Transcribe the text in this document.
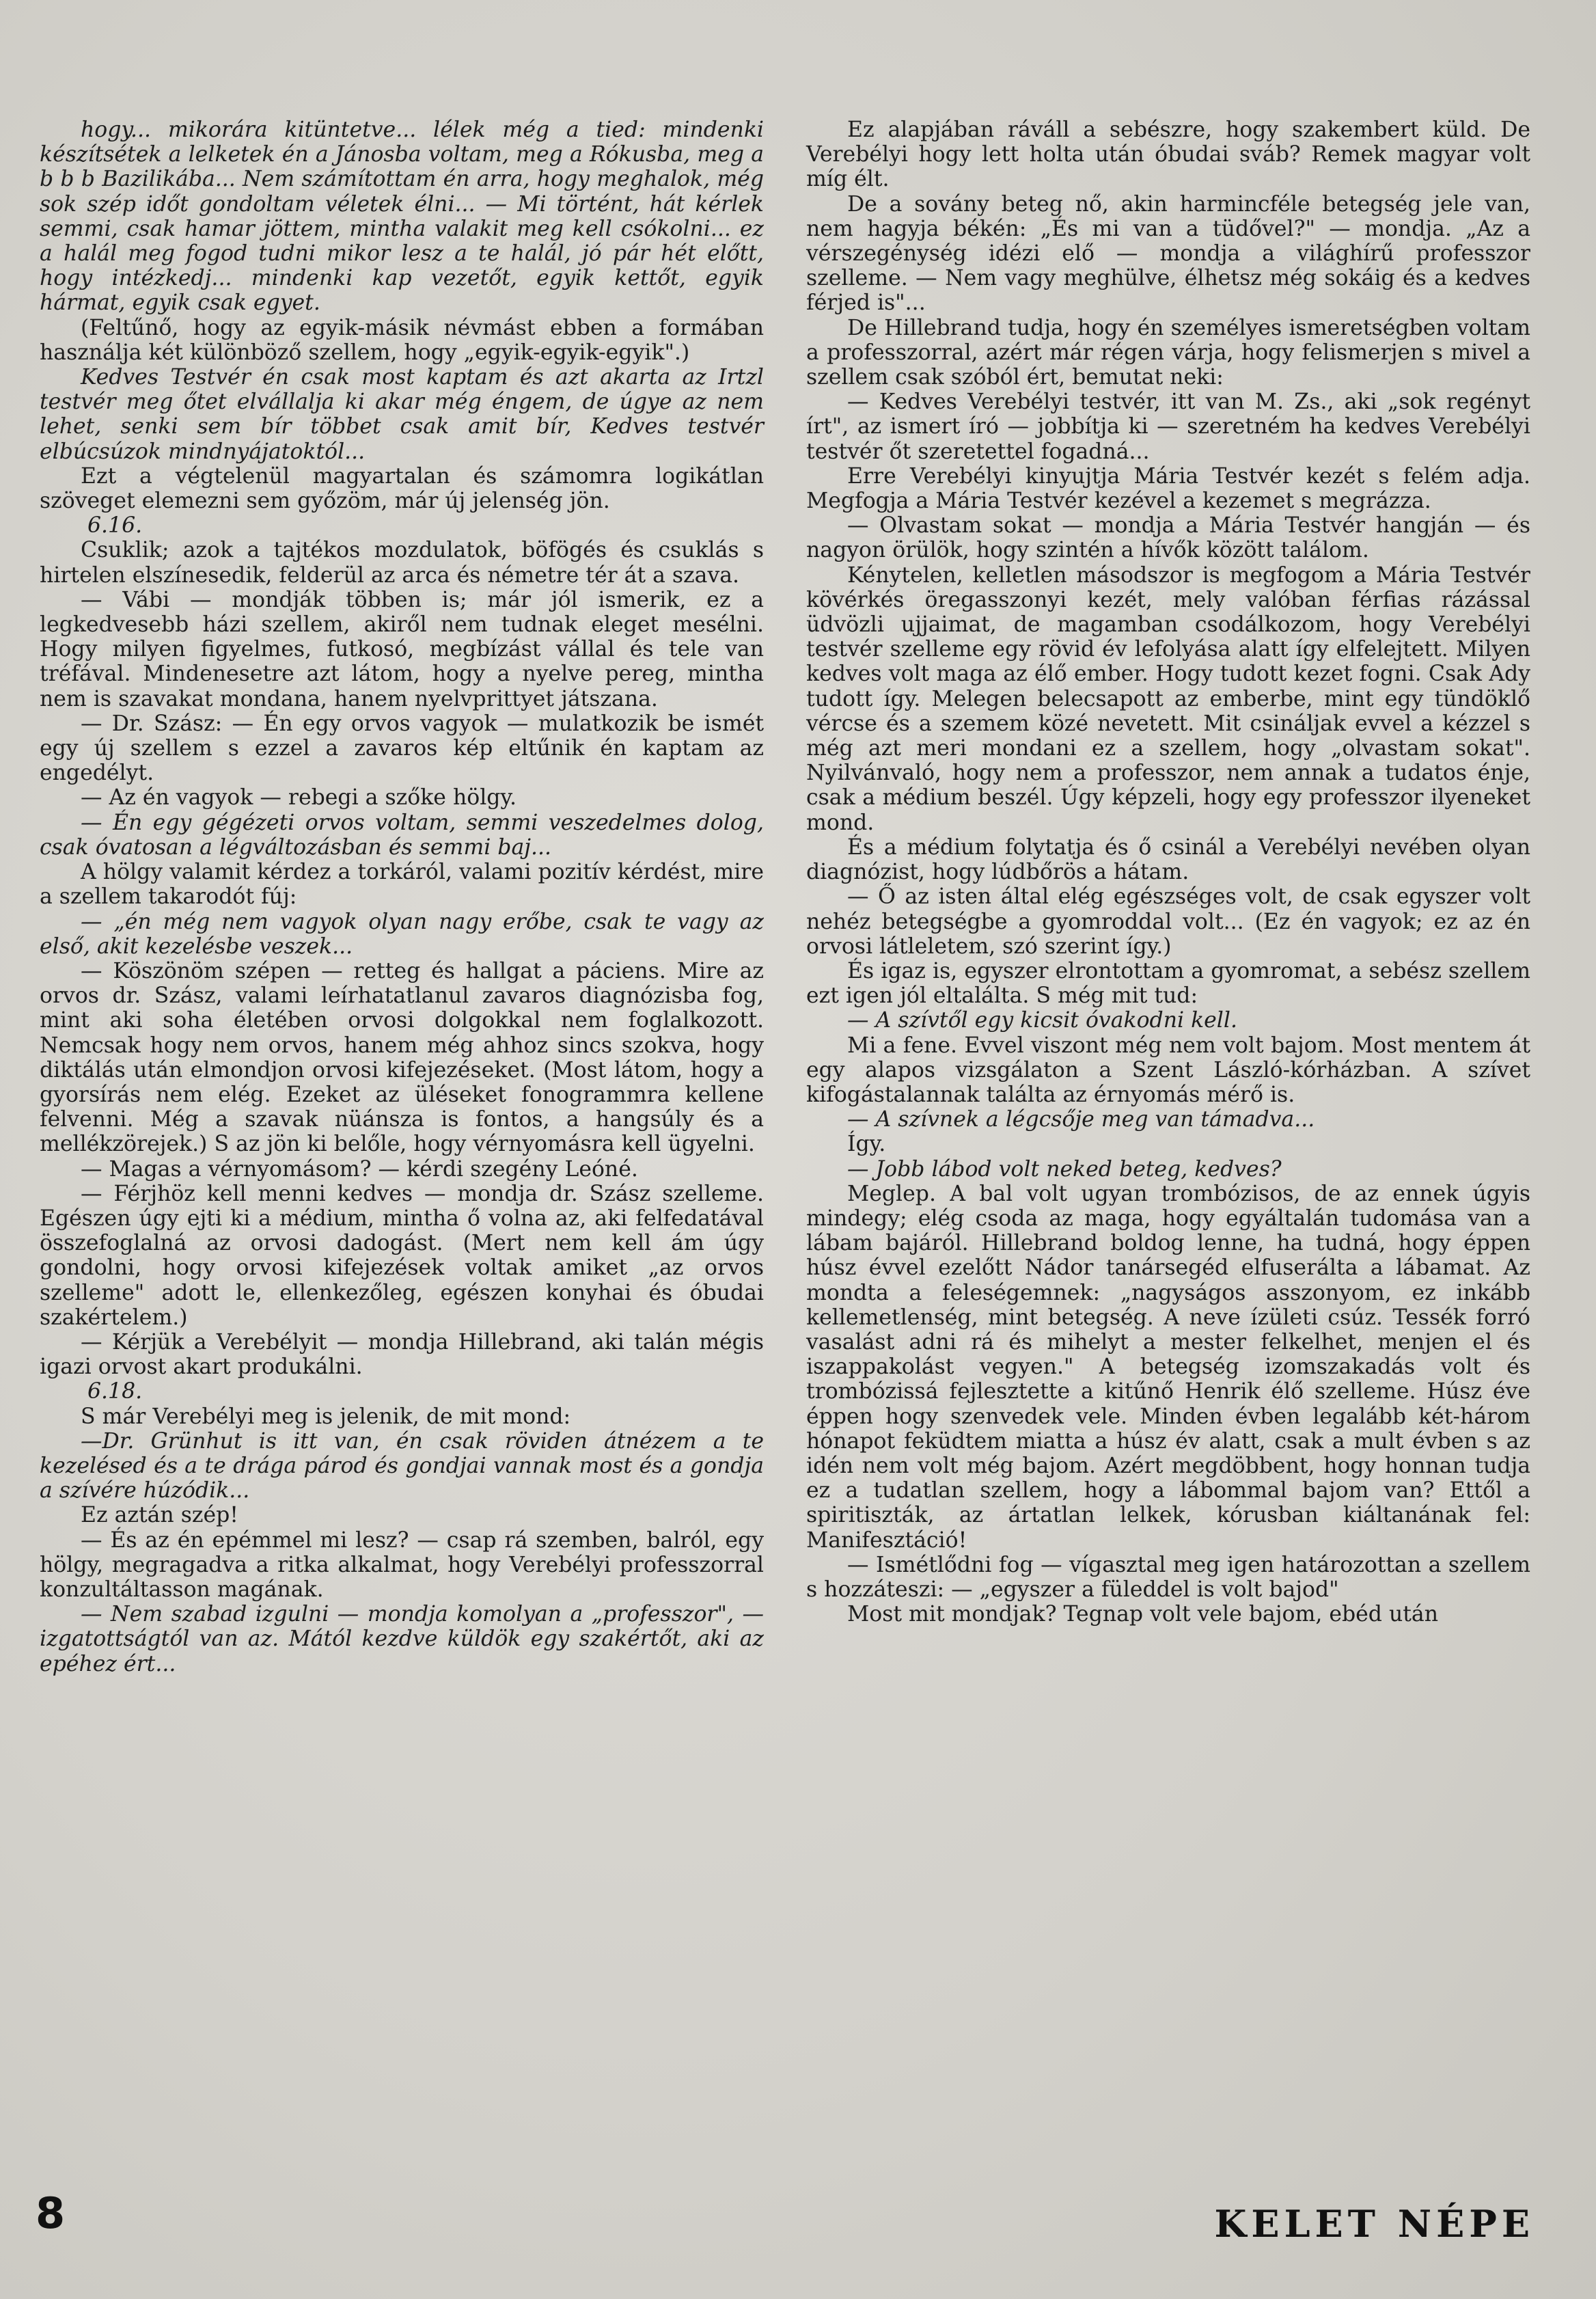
hogy... mikorára kitüntetve... lélek még a tied: mindenki készítsétek a lelketek én a Jánosba voltam, meg a Rókusba, meg a b b b Bazilikába... Nem számítottam én arra, hogy meghalok, még sok szép időt gondoltam véletek élni... — Mi történt, hát kérlek semmi, csak hamar jöttem, mintha valakit meg kell csókolni... ez a halál meg fogod tudni mikor lesz a te halál, jó pár hét előtt, hogy intézkedj... mindenki kap vezetőt, egyik kettőt, egyik hármat, egyik csak egyet.

(Feltűnő, hogy az egyik-másik névmást ebben a formában használja két különböző szellem, hogy „egyik-egyik-egyik".)

Kedves Testvér én csak most kaptam és azt akarta az Irtzl testvér meg őtet elvállalja ki akar még éngem, de úgye az nem lehet, senki sem bír többet csak amit bír, Kedves testvér elbúcsúzok mindnyájatoktól...

Ezt a végtelenül magyartalan és számomra logikátlan szöveget elemezni sem győzöm, már új jelenség jön.

6.16.

Csuklik; azok a tajtékos mozdulatok, böfögés és csuklás s hirtelen elszínesedik, felderül az arca és németre tér át a szava.

— Vábi — mondják többen is; már jól ismerik, ez a legkedvesebb házi szellem, akiről nem tudnak eleget mesélni. Hogy milyen figyelmes, futkosó, megbízást vállal és tele van tréfával. Mindenesetre azt látom, hogy a nyelve pereg, mintha nem is szavakat mondana, hanem nyelvprittyet játszana.

— Dr. Szász: — Én egy orvos vagyok — mulatkozik be ismét egy új szellem s ezzel a zavaros kép eltűnik én kaptam az engedélyt.

— Az én vagyok — rebegi a szőke hölgy.

— Én egy gégézeti orvos voltam, semmi veszedelmes dolog, csak óvatosan a légváltozásban és semmi baj...

A hölgy valamit kérdez a torkáról, valami pozitív kérdést, mire a szellem takarodót fúj:

— „én még nem vagyok olyan nagy erőbe, csak te vagy az első, akit kezelésbe veszek...

— Köszönöm szépen — retteg és hallgat a páciens. Mire az orvos dr. Szász, valami leírhatatlanul zavaros diagnózisba fog, mint aki soha életében orvosi dolgokkal nem foglalkozott. Nemcsak hogy nem orvos, hanem még ahhoz sincs szokva, hogy diktálás után elmondjon orvosi kifejezéseket. (Most látom, hogy a gyorsírás nem elég. Ezeket az üléseket fonogrammra kellene felvenni. Még a szavak nüánsza is fontos, a hangsúly és a mellékzörejek.) S az jön ki belőle, hogy vérnyomásra kell ügyelni.

— Magas a vérnyomásom? — kérdi szegény Leóné.

— Férjhöz kell menni kedves — mondja dr. Szász szelleme. Egészen úgy ejti ki a médium, mintha ő volna az, aki felfedatával összefoglalná az orvosi dadogást. (Mert nem kell ám úgy gondolni, hogy orvosi kifejezések voltak amiket „az orvos szelleme" adott le, ellenkezőleg, egészen konyhai és óbudai szakértelem.)

— Kérjük a Verebélyit — mondja Hillebrand, aki talán mégis igazi orvost akart produkálni.

6.18.

S már Verebélyi meg is jelenik, de mit mond:

—Dr. Grünhut is itt van, én csak röviden átnézem a te kezelésed és a te drága párod és gondjai vannak most és a gondja a szívére húzódik...

Ez aztán szép!

— És az én epémmel mi lesz? — csap rá szemben, balról, egy hölgy, megragadva a ritka alkalmat, hogy Verebélyi professzorral konzultáltasson magának.

— Nem szabad izgulni — mondja komolyan a „professzor", — izgatottságtól van az. Mától kezdve küldök egy szakértőt, aki az epéhez ért...

Ez alapjában ráváll a sebészre, hogy szakembert küld. De Verebélyi hogy lett holta után óbudai sváb? Remek magyar volt míg élt.

De a sovány beteg nő, akin harmincféle betegség jele van, nem hagyja békén: „És mi van a tüdővel?" — mondja. „Az a vérszegénység idézi elő — mondja a világhírű professzor szelleme. — Nem vagy meghülve, élhetsz még sokáig és a kedves férjed is"...

De Hillebrand tudja, hogy én személyes ismeretségben voltam a professzorral, azért már régen várja, hogy felismerjen s mivel a szellem csak szóból ért, bemutat neki:

— Kedves Verebélyi testvér, itt van M. Zs., aki „sok regényt írt", az ismert író — jobbítja ki — szeretném ha kedves Verebélyi testvér őt szeretettel fogadná...

Erre Verebélyi kinyujtja Mária Testvér kezét s felém adja. Megfogja a Mária Testvér kezével a kezemet s megrázza.

— Olvastam sokat — mondja a Mária Testvér hangján — és nagyon örülök, hogy szintén a hívők között találom.

Kénytelen, kelletlen másodszor is megfogom a Mária Testvér kövérkés öregasszonyi kezét, mely valóban férfias rázással üdvözli ujjaimat, de magamban csodálkozom, hogy Verebélyi testvér szelleme egy rövid év lefolyása alatt így elfelejtett. Milyen kedves volt maga az élő ember. Hogy tudott kezet fogni. Csak Ady tudott így. Melegen belecsapott az emberbe, mint egy tündöklő vércse és a szemem közé nevetett. Mit csináljak evvel a kézzel s még azt meri mondani ez a szellem, hogy „olvastam sokat". Nyilvánvaló, hogy nem a professzor, nem annak a tudatos énje, csak a médium beszél. Úgy képzeli, hogy egy professzor ilyeneket mond.

És a médium folytatja és ő csinál a Verebélyi nevében olyan diagnózist, hogy lúdbőrös a hátam.

— Ő az isten által elég egészséges volt, de csak egyszer volt nehéz betegségbe a gyomroddal volt... (Ez én vagyok; ez az én orvosi látleletem, szó szerint így.)

És igaz is, egyszer elrontottam a gyomromat, a sebész szellem ezt igen jól eltalálta. S még mit tud:

— A szívtől egy kicsit óvakodni kell.

Mi a fene. Evvel viszont még nem volt bajom. Most mentem át egy alapos vizsgálaton a Szent László-kórházban. A szívet kifogástalannak találta az érnyomás mérő is.

— A szívnek a légcsője meg van támadva...

Így.

— Jobb lábod volt neked beteg, kedves?

Meglep. A bal volt ugyan trombózisos, de az ennek úgyis mindegy; elég csoda az maga, hogy egyáltalán tudomása van a lábam bajáról. Hillebrand boldog lenne, ha tudná, hogy éppen húsz évvel ezelőtt Nádor tanársegéd elfuserálta a lábamat. Az mondta a feleségemnek: „nagyságos asszonyom, ez inkább kellemetlenség, mint betegség. A neve ízületi csúz. Tessék forró vasalást adni rá és mihelyt a mester felkelhet, menjen el és iszappakolást vegyen." A betegség izomszakadás volt és trombózissá fejlesztette a kitűnő Henrik élő szelleme. Húsz éve éppen hogy szenvedek vele. Minden évben legalább két-három hónapot feküdtem miatta a húsz év alatt, csak a mult évben s az idén nem volt még bajom. Azért megdöbbent, hogy honnan tudja ez a tudatlan szellem, hogy a lábommal bajom van? Ettől a spiritiszták, az ártatlan lelkek, kórusban kiáltanának fel: Manifesztáció!

— Ismétlődni fog — vígasztal meg igen határozottan a szellem s hozzáteszi: — „egyszer a füleddel is volt bajod"

Most mit mondjak? Tegnap volt vele bajom, ebéd után

8	KELET NÉPE
